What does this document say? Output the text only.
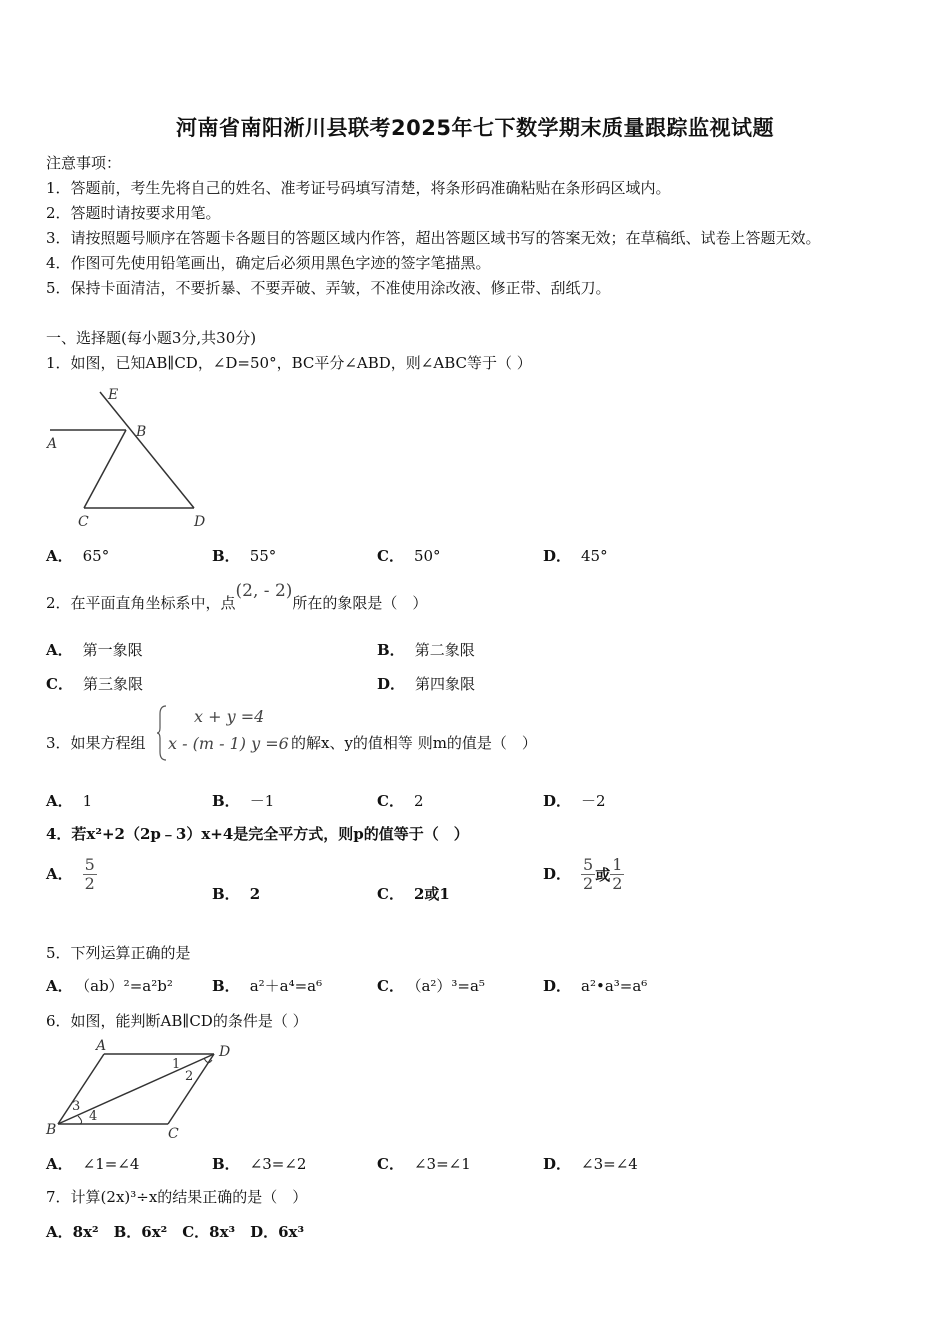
河南省南阳淅川县联考2025年七下数学期末质量跟踪监视试题
注意事项：
1．答题前，考生先将自己的姓名、准考证号码填写清楚，将条形码准确粘贴在条形码区域内。
2．答题时请按要求用笔。
3．请按照题号顺序在答题卡各题目的答题区域内作答，超出答题区域书写的答案无效；在草稿纸、试卷上答题无效。
4．作图可先使用铅笔画出，确定后必须用黑色字迹的签字笔描黑。
5．保持卡面清洁，不要折暴、不要弄破、弄皱，不准使用涂改液、修正带、刮纸刀。
一、选择题(每小题3分,共30分)
1．如图，已知AB∥CD，∠D=50°，BC平分∠ABD，则∠ABC等于（ ）
E
A
B
C	D
A． 65°	B． 55°	C． 50°	D． 45°
2．在平面直角坐标系中，点(2, - 2)所在的象限是（　）
A． 第一象限	B． 第二象限
C． 第三象限	D． 第四象限
3．如果方程组
x + y =4
x - (m - 1) y =6 的解x、y的值相等 则m的值是（　）
A． 1	B． －1	C． 2	D． －2
4．若x²+2（2p﹣3）x+4是完全平方式，则p的值等于（　）
A． $\frac{5}{2}$
B． 2	C． 2或1
D． $\frac{5}{2}$ 或 $\frac{1}{2}$
5．下列运算正确的是
A． （ab）²=a²b²	B． a²＋a⁴=a⁶	C． （a²）³=a⁵	D． a²•a³=a⁶
6．如图，能判断AB∥CD的条件是（ ）
A	D
B	C
1
2
3
4
A． ∠1=∠4	B． ∠3=∠2	C． ∠3=∠1	D． ∠3=∠4
7．计算(2x)³÷x的结果正确的是（　）
A．8x²　B．6x²　C．8x³　D．6x³
